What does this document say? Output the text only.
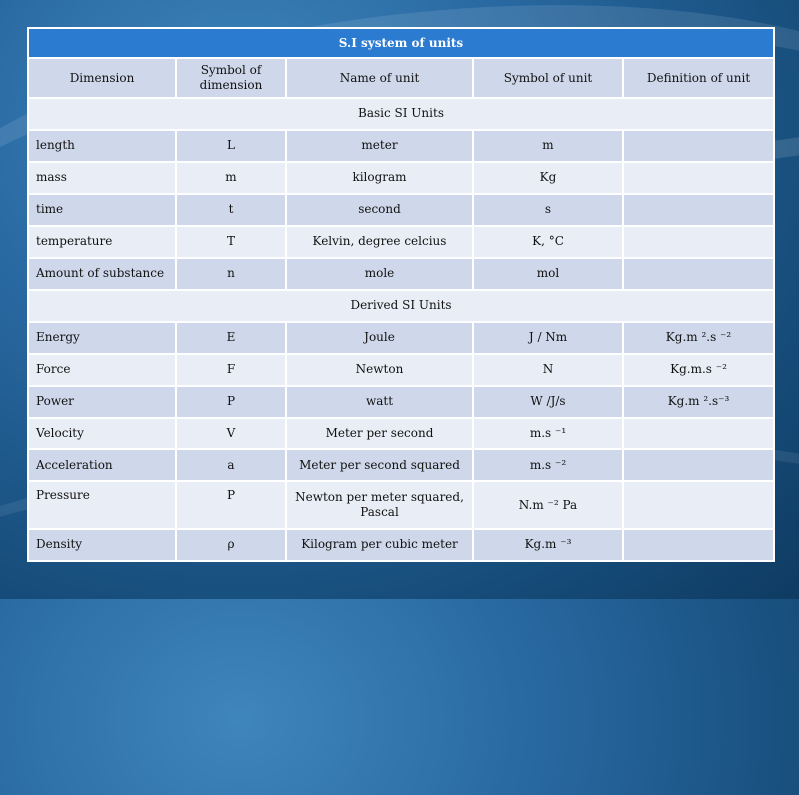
S.I system of units				
Dimension	Symbol of dimension	Name of unit	Symbol of unit	Definition of unit
Basic SI Units				
length	L	meter	m	
mass	m	kilogram	Kg	
time	t	second	s	
temperature	T	Kelvin, degree celcius	K, °C	
Amount of substance	n	mole	mol	
Derived SI Units				
Energy	E	Joule	J / Nm	Kg.m ².s ⁻²
Force	F	Newton	N	Kg.m.s ⁻²
Power	P	watt	W /J/s	Kg.m ².s⁻³
Velocity	V	Meter per second	m.s ⁻¹	
Acceleration	a	Meter per second squared	m.s ⁻²	
Pressure	P	Newton per meter squared, Pascal	N.m ⁻² Pa	
Density	ρ	Kilogram per cubic meter	Kg.m ⁻³	
